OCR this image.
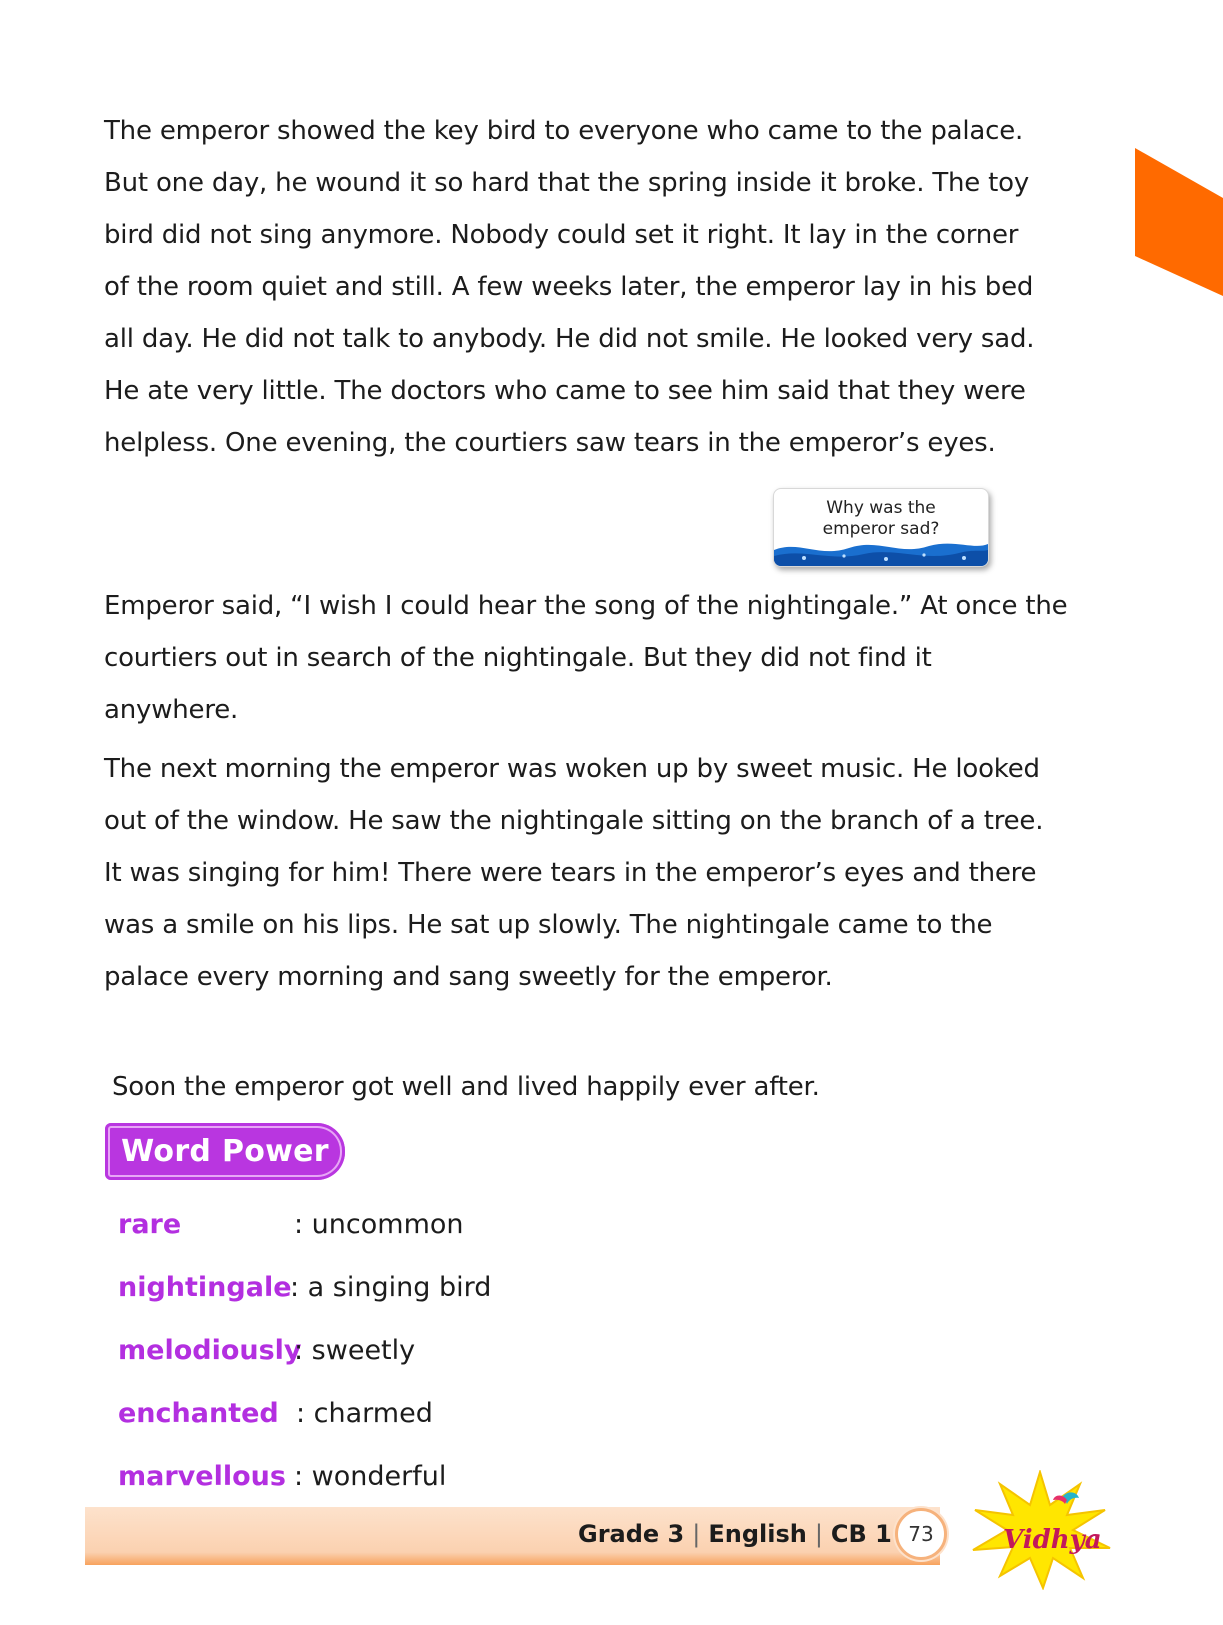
The emperor showed the key bird to everyone who came to the palace.
But one day, he wound it so hard that the spring inside it broke. The toy
bird did not sing anymore. Nobody could set it right. It lay in the corner
of the room quiet and still. A few weeks later, the emperor lay in his bed
all day. He did not talk to anybody. He did not smile. He looked very sad.
He ate very little. The doctors who came to see him said that they were
helpless. One evening, the courtiers saw tears in the emperor’s eyes.

Why was the emperor sad?

Emperor said, “I wish I could hear the song of the nightingale.” At once the
courtiers out in search of the nightingale. But they did not find it
anywhere.

The next morning the emperor was woken up by sweet music. He looked
out of the window. He saw the nightingale sitting on the branch of a tree.
It was singing for him! There were tears in the emperor’s eyes and there
was a smile on his lips. He sat up slowly. The nightingale came to the
palace every morning and sang sweetly for the emperor.

Soon the emperor got well and lived happily ever after.

Word Power
rare	: uncommon
nightingale
: a singing bird
melodiously
: sweetly
enchanted : charmed
marvellous : wonderful
Grade 3 | English | CB 1 73	Vidhya
